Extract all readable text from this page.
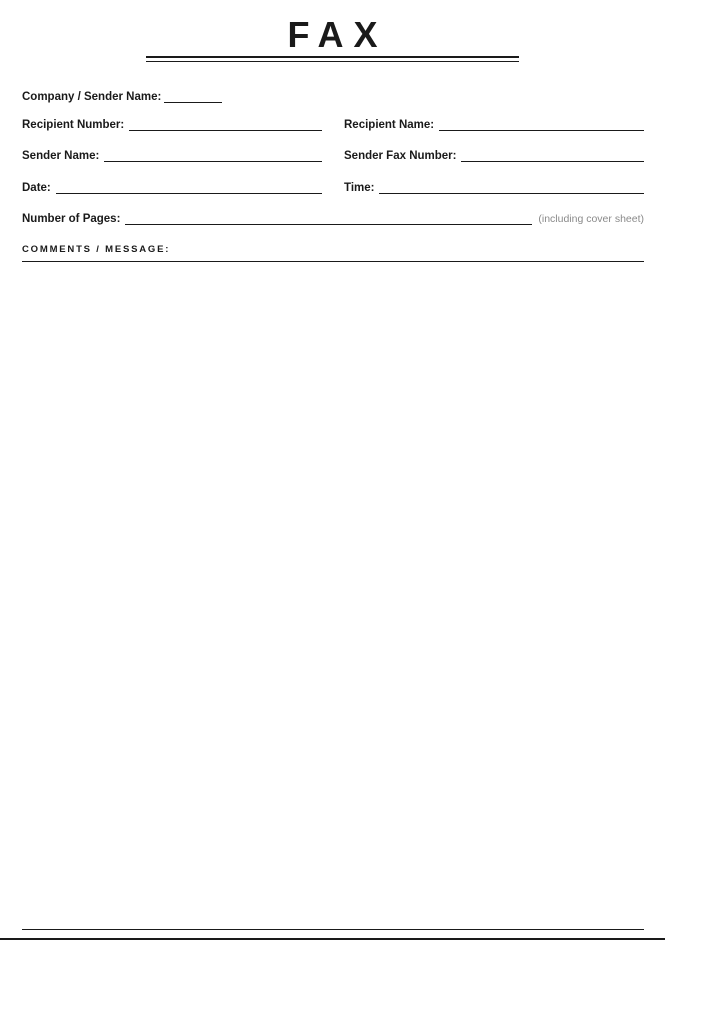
FAX
Company / Sender Name:
Recipient Number:	Recipient Name:
Sender Name:	Sender Fax Number:
Date:	Time:
Number of Pages:	(including cover sheet)
COMMENTS / MESSAGE:
